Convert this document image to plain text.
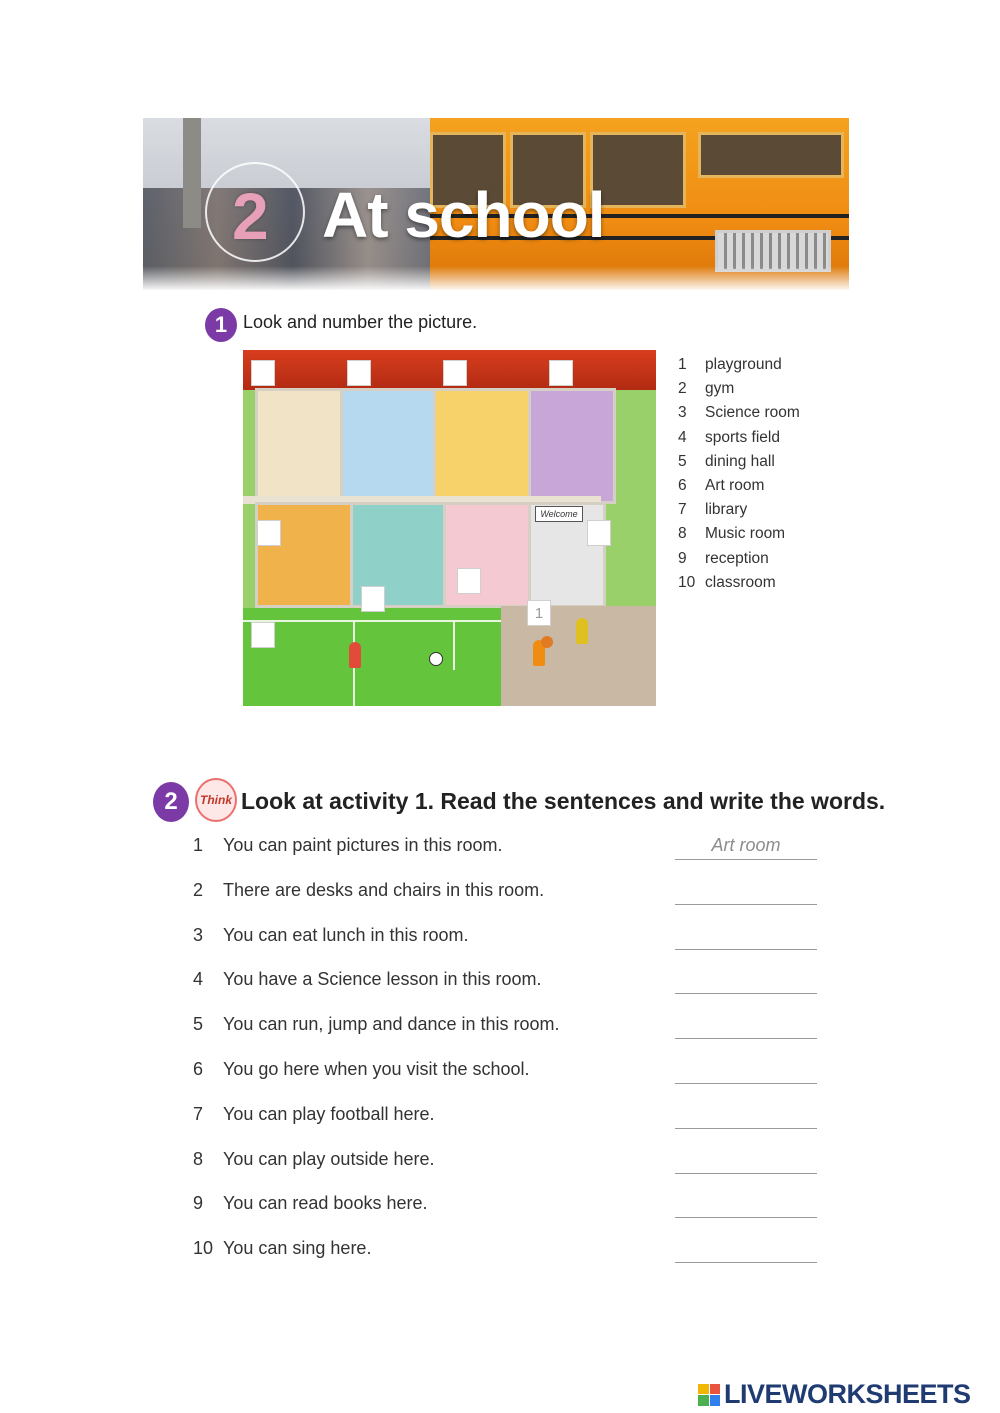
2 At school
1 Look and number the picture.
Welcome
1
1	playground
2	gym
3	Science room
4	sports field
5	dining hall
6	Art room
7	library
8	Music room
9	reception
10 classroom
2	Think Look at activity 1. Read the sentences and write the words.
1	You can paint pictures in this room.	Art room
2	There are desks and chairs in this room.
3	You can eat lunch in this room.
4	You have a Science lesson in this room.
5	You can run, jump and dance in this room.
6	You go here when you visit the school.
7	You can play football here.
8	You can play outside here.
9	You can read books here.
10 You can sing here.
LIVEWORKSHEETS
